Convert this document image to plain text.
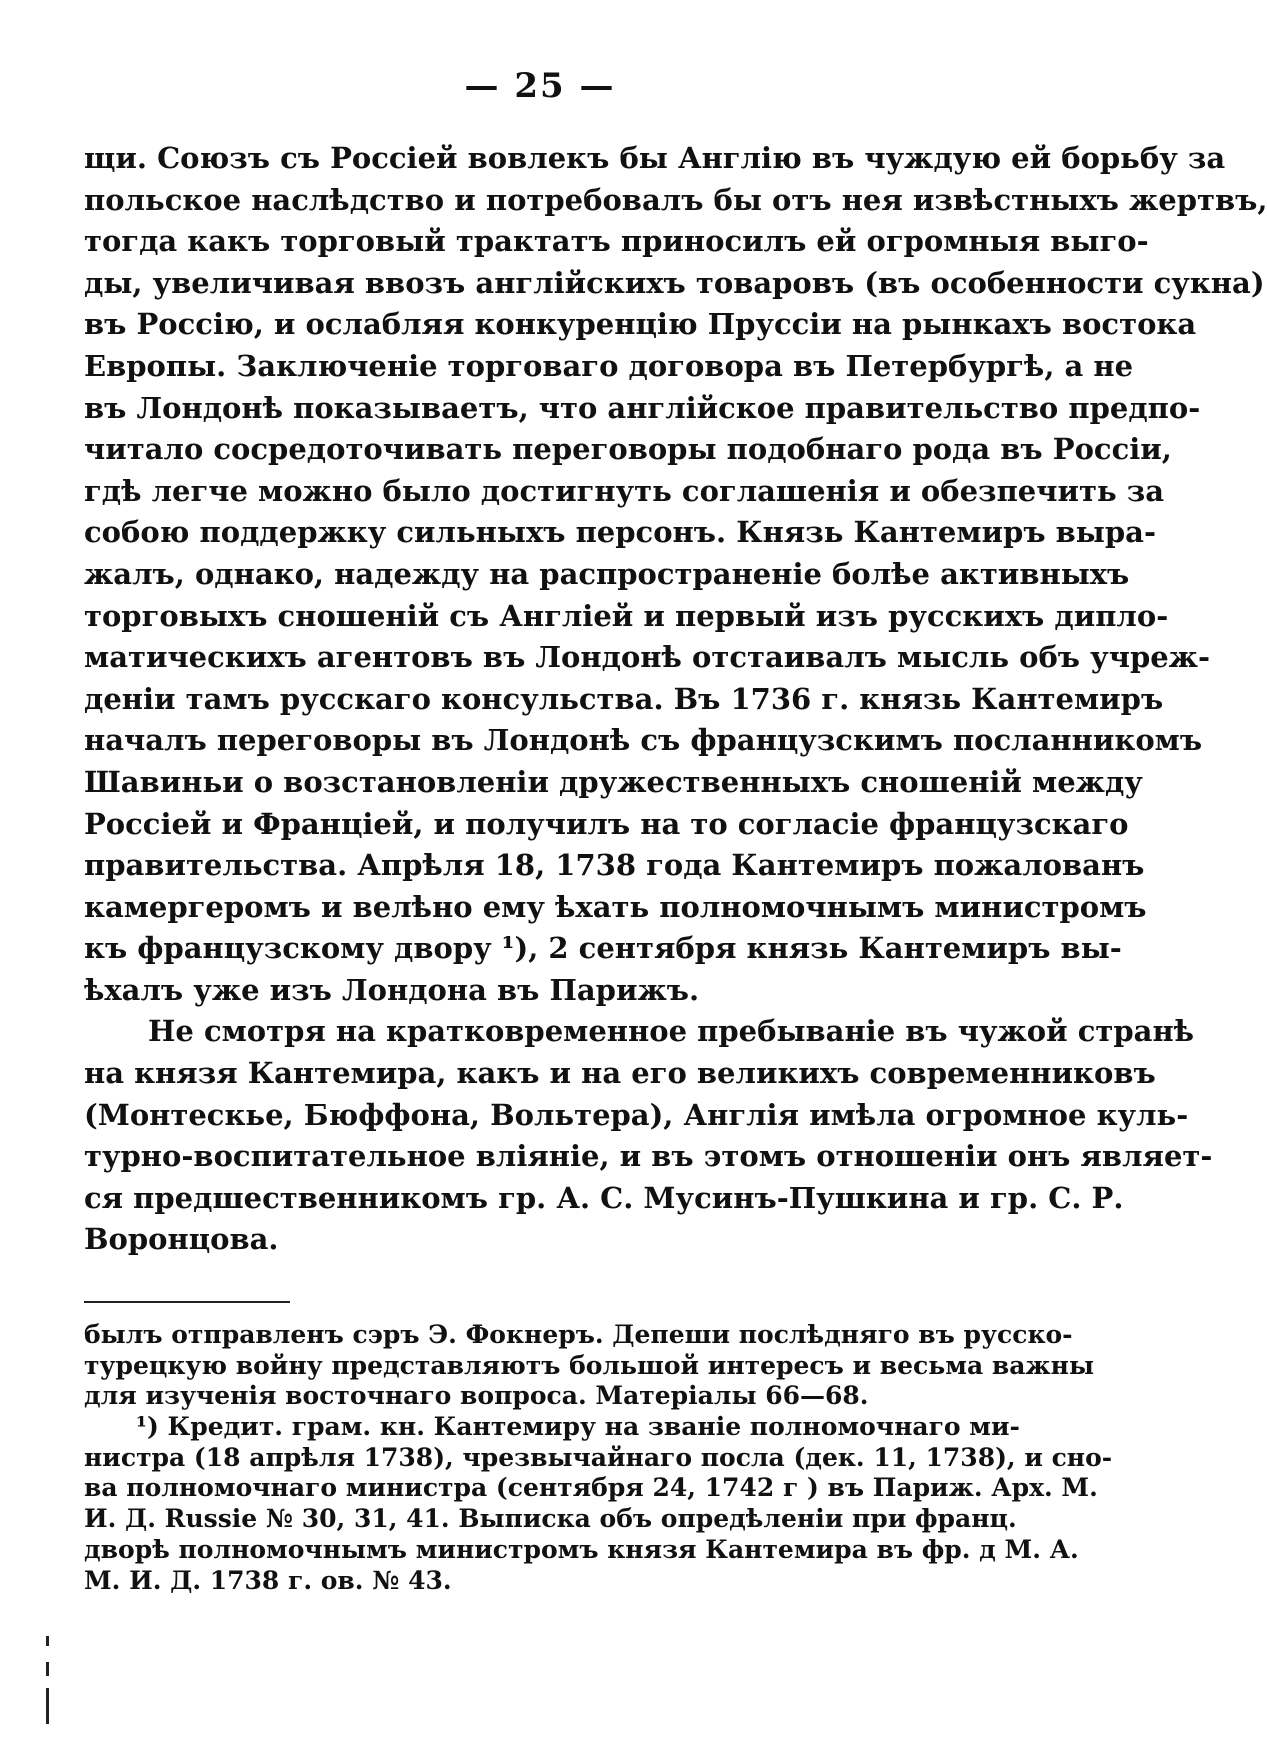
— 25 —
щи. Союзъ съ Россіей вовлекъ бы Англію въ чуждую ей борьбу за
польское наслѣдство и потребовалъ бы отъ нея извѣстныхъ жертвъ,
тогда какъ торговый трактатъ приносилъ ей огромныя выго-
ды, увеличивая ввозъ англійскихъ товаровъ (въ особенности сукна)
въ Россію, и ослабляя конкуренцію Пруссіи на рынкахъ востока
Европы. Заключеніе торговаго договора въ Петербургѣ, а не
въ Лондонѣ показываетъ, что англійское правительство предпо-
читало сосредоточивать переговоры подобнаго рода въ Россіи,
гдѣ легче можно было достигнуть соглашенія и обезпечить за
собою поддержку сильныхъ персонъ. Князь Кантемиръ выра-
жалъ, однако, надежду на распространеніе болѣе активныхъ
торговыхъ сношеній съ Англіей и первый изъ русскихъ дипло-
матическихъ агентовъ въ Лондонѣ отстаивалъ мысль объ учреж-
деніи тамъ русскаго консульства. Въ 1736 г. князь Кантемиръ
началъ переговоры въ Лондонѣ съ французскимъ посланникомъ
Шавиньи о возстановленіи дружественныхъ сношеній между
Россіей и Франціей, и получилъ на то согласіе французскаго
правительства. Апрѣля 18, 1738 года Кантемиръ пожалованъ
камергеромъ и велѣно ему ѣхать полномочнымъ министромъ
къ французскому двору ¹), 2 сентября князь Кантемиръ вы-
ѣхалъ уже изъ Лондона въ Парижъ.
Не смотря на кратковременное пребываніе въ чужой странѣ
на князя Кантемира, какъ и на его великихъ современниковъ
(Монтескье, Бюффона, Вольтера), Англія имѣла огромное куль-
турно-воспитательное вліяніе, и въ этомъ отношеніи онъ являет-
ся предшественникомъ гр. А. С. Мусинъ-Пушкина и гр. С. Р.
Воронцова.
былъ отправленъ сэръ Э. Фокнеръ. Депеши послѣдняго въ русско-
турецкую войну представляютъ большой интересъ и весьма важны
для изученія восточнаго вопроса. Матеріалы 66—68.
¹) Кредит. грам. кн. Кантемиру на званіе полномочнаго ми-
нистра (18 апрѣля 1738), чрезвычайнаго посла (дек. 11, 1738), и сно-
ва полномочнаго министра (сентября 24, 1742 г ) въ Париж. Арх. М.
И. Д. Russie № 30, 31, 41. Выписка объ опредѣленіи при франц.
дворѣ полномочнымъ министромъ князя Кантемира въ фр. д М. А.
М. И. Д. 1738 г. ов. № 43.
